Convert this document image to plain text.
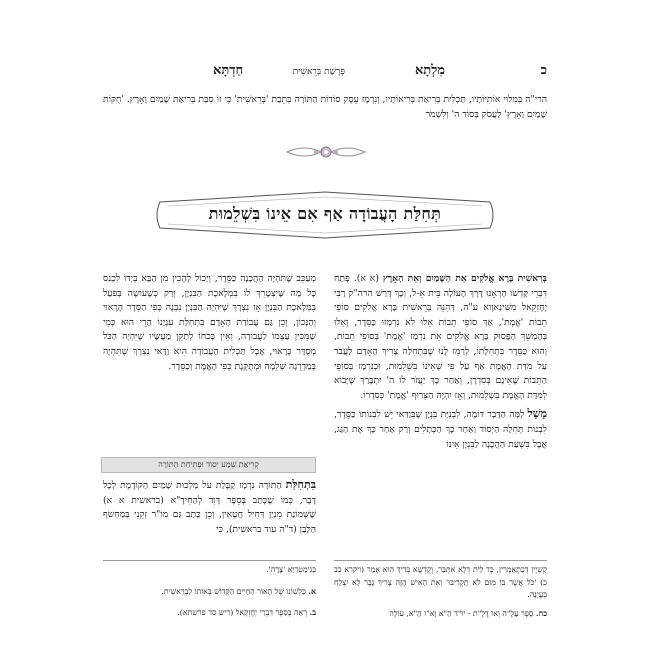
כ
מִלְתָא
פָּרָשַׁת בְּרֵאשִׁית
חַדְתָּא

הרי"ה בְּמִלּוּי אוֹתִיּוֹתָיו, תַּכְלִית בְּרִיאַת בְּרִיאוֹתָיו, וְנִרְמָז עֵסֶק סוֹדוֹת הַתּוֹרָה בְּתֵבַת 'בְּרֵאשִׁית' כִּי זוֹ סִבַּת בְּרִיאַת שָׁמַיִם וָאָרֶץ. 'חֻקּוֹת שָׁמַיִם וָאָרֶץ' לַעֲסֹק בְּסוֹד ה' וְלִשְׁמֹר

תְּחִלַּת הָעֲבוֹדָה אַף אִם אֵינוֹ בִּשְׁלֵמוּת

בְּרֵאשִׁית בָּרָא אֱלֹקִים אֵת הַשָּׁמַיִם וְאֵת הָאָרֶץ (א א). פָּתַח דִּבְרֵי קָדְשׁוֹ הַרְאָנוּ דֶּרֶךְ הָעוֹלָה בֵּית אֵ-ל, וְכָךְ דָּרַשׁ הרה"ק רַבִּי יְחֶזְקֵאל מִשִּׁינַאוֶוא ע"ה, דְּהִנֵּה בְּרֵאשִׁית בָּרָא אֱלֹקִים סוֹפֵי תֵבוֹת 'אֱמֶת', אַךְ סוֹפֵי תֵבוֹת אֵלּוּ לֹא נִרְמְזוּ כַּסֵּדֶר, וְאֵלּוּ בְּהֶמְשֵׁךְ הַפָּסוּק בָּרָא אֱלֹקִים אֵת נִרְמָז 'אֱמֶת' בְּסוֹפֵי תֵבוֹת, וְהוּא כַּסֵּדֶר בִּתְחִלָּתוֹ, לְרַמֵּז לָנוּ שֶׁבִּתְחִלָּה צָרִיךְ הָאָדָם לַעֲבֹד עַל מִדַּת הָאֱמֶת אַף עַל פִּי שֶׁאֵינוֹ בִּשְׁלֵמוּת, וּכְנִרְמָז בְּסוֹפֵי הַתֵּבוֹת שֶׁאֵינָם בְּסִדְרָן, וְאַחַר כָּךְ יַעֲזֹר לוֹ ה' יִתְבָּרַךְ שֶׁיָּבוֹא לְמִדַּת הָאֱמֶת בִּשְׁלֵמוּת, וְאָז יִהְיֶה הַצֵּרוּף 'אֱמֶת' כְּסִדְרוֹ.

מָשָׁל לָמָּה הַדָּבָר דּוֹמֶה, לִבְנִיַּת בִּנְיָן שֶׁבְּוַדַּאי יֵשׁ לִבְנוֹתוֹ כַּסֵּדֶר, לִבְנוֹת תְּחִלָּה הַיְסוֹד וְאַחַר כָּךְ הַכְּתָלִים וְרַק אַחַר כָּךְ אֶת הַגַּג, אֲבָל בִּשְׁעַת הַהֲכָנָה לַבִּנְיָן אֵינוֹ

מְעַכֵּב שֶׁתִּהְיֶה הַהֲכָנָה כַּסֵּדֶר, וְיָכוֹל לְהָכִין מִן הַבָּא בְּיָדוֹ לִכְנֹס כָּל מַה שֶּׁיִּצְטָרֵךְ לוֹ בִּמְלֶאכֶת הַבִּנְיָן, וְרַק כְּשֶׁעוֹשֶׂה בְּפֹעַל בִּמְלֶאכֶת הַבִּנְיָן אָז נִצְרָךְ שֶׁיִּהְיֶה הַבִּנְיָן נִבְנֶה כְּפִי הַסֵּדֶר הָרָאוּי וְהַנָּכוֹן, וְכֵן גַּם עֲבוֹדַת הָאָדָם בִּתְחִלַּת עִנְיָנוֹ הֲרֵי הוּא כְּמִי שֶׁמֵּכִין עַצְמוֹ לַעֲבוֹדָה, וְאֵין בְּכֹחוֹ לְתַקֵּן מַעֲשָׂיו שֶׁיִּהְיֶה הַכֹּל מְסֻדָּר כָּרָאוּי, אֲבָל תַּכְלִית הָעֲבוֹדָה הִיא וַדַּאי נִצְרָךְ שֶׁתִּהְיֶה בְּמַדְרֵגָה שְׁלֵמָה וּמְתֻקֶּנֶת כְּפִי הָאֱמֶת וְכַסֵּדֶר.

קְרִיאַת שְׁמַע יְסוֹד וּפְתִיחַת הַתּוֹרָה

בִּתְחִלַּת הַתּוֹרָה נִרְמָז קַבָּלַת עֹל מַלְכוּת שָׁמַיִם הַקּוֹדֶמֶת לְכָל דָּבָר, כְּמוֹ שֶׁכָּתַב בְּסֵפֶר דָּוִד לְהַחִידָ"א (בראשית א א) שֶׁשְּׁמוֹנַת מִנְיַן דְּחִיל חֲטָאִין, וְכֵן כָּתַב גַּם מוֹ"ר זְקֵנִי בְּמַחְשׂף הַלָּבָן (ד"ה עוד בראשית), כִּי

קַשְׁיָין דְּכִתְאַמְּרִין, כְּד לֵית דְּלָא אִתְּבַּר, וְקֻדְשָׁא בְּרִיךְ הוּא אָמַר (ויקרא כב כ) 'כֹּל אֲשֶׁר בּוֹ מוּם לֹא תַקְרִיבוּ' וְאֵת הָאִישׁ הַזֶּה צָרִיךְ גֶּבֶר לָא יִצְלַח בְּעָיְנָהּ.

כח. סֵפֶר עָלֶ"ה וְאוֹ דָלֶ"ת - יוּ"ד הֵ"א וָא"ו הֵ"א, עוֹלֶה

בְּגִימַטְרִיָּא 'צָרָה'.

א. כִּלְשׁוֹנוֹ שֶׁל הָאוֹר הַחַיִּים הַקָּדוֹשׁ בְּאוֹתוֹ לִבְרֵאשִׁית.

ב. רְאֵה בְּסֵפֶר דִּבְרֵי יְחֶזְקֵאל (ריש סד פרשתא).
